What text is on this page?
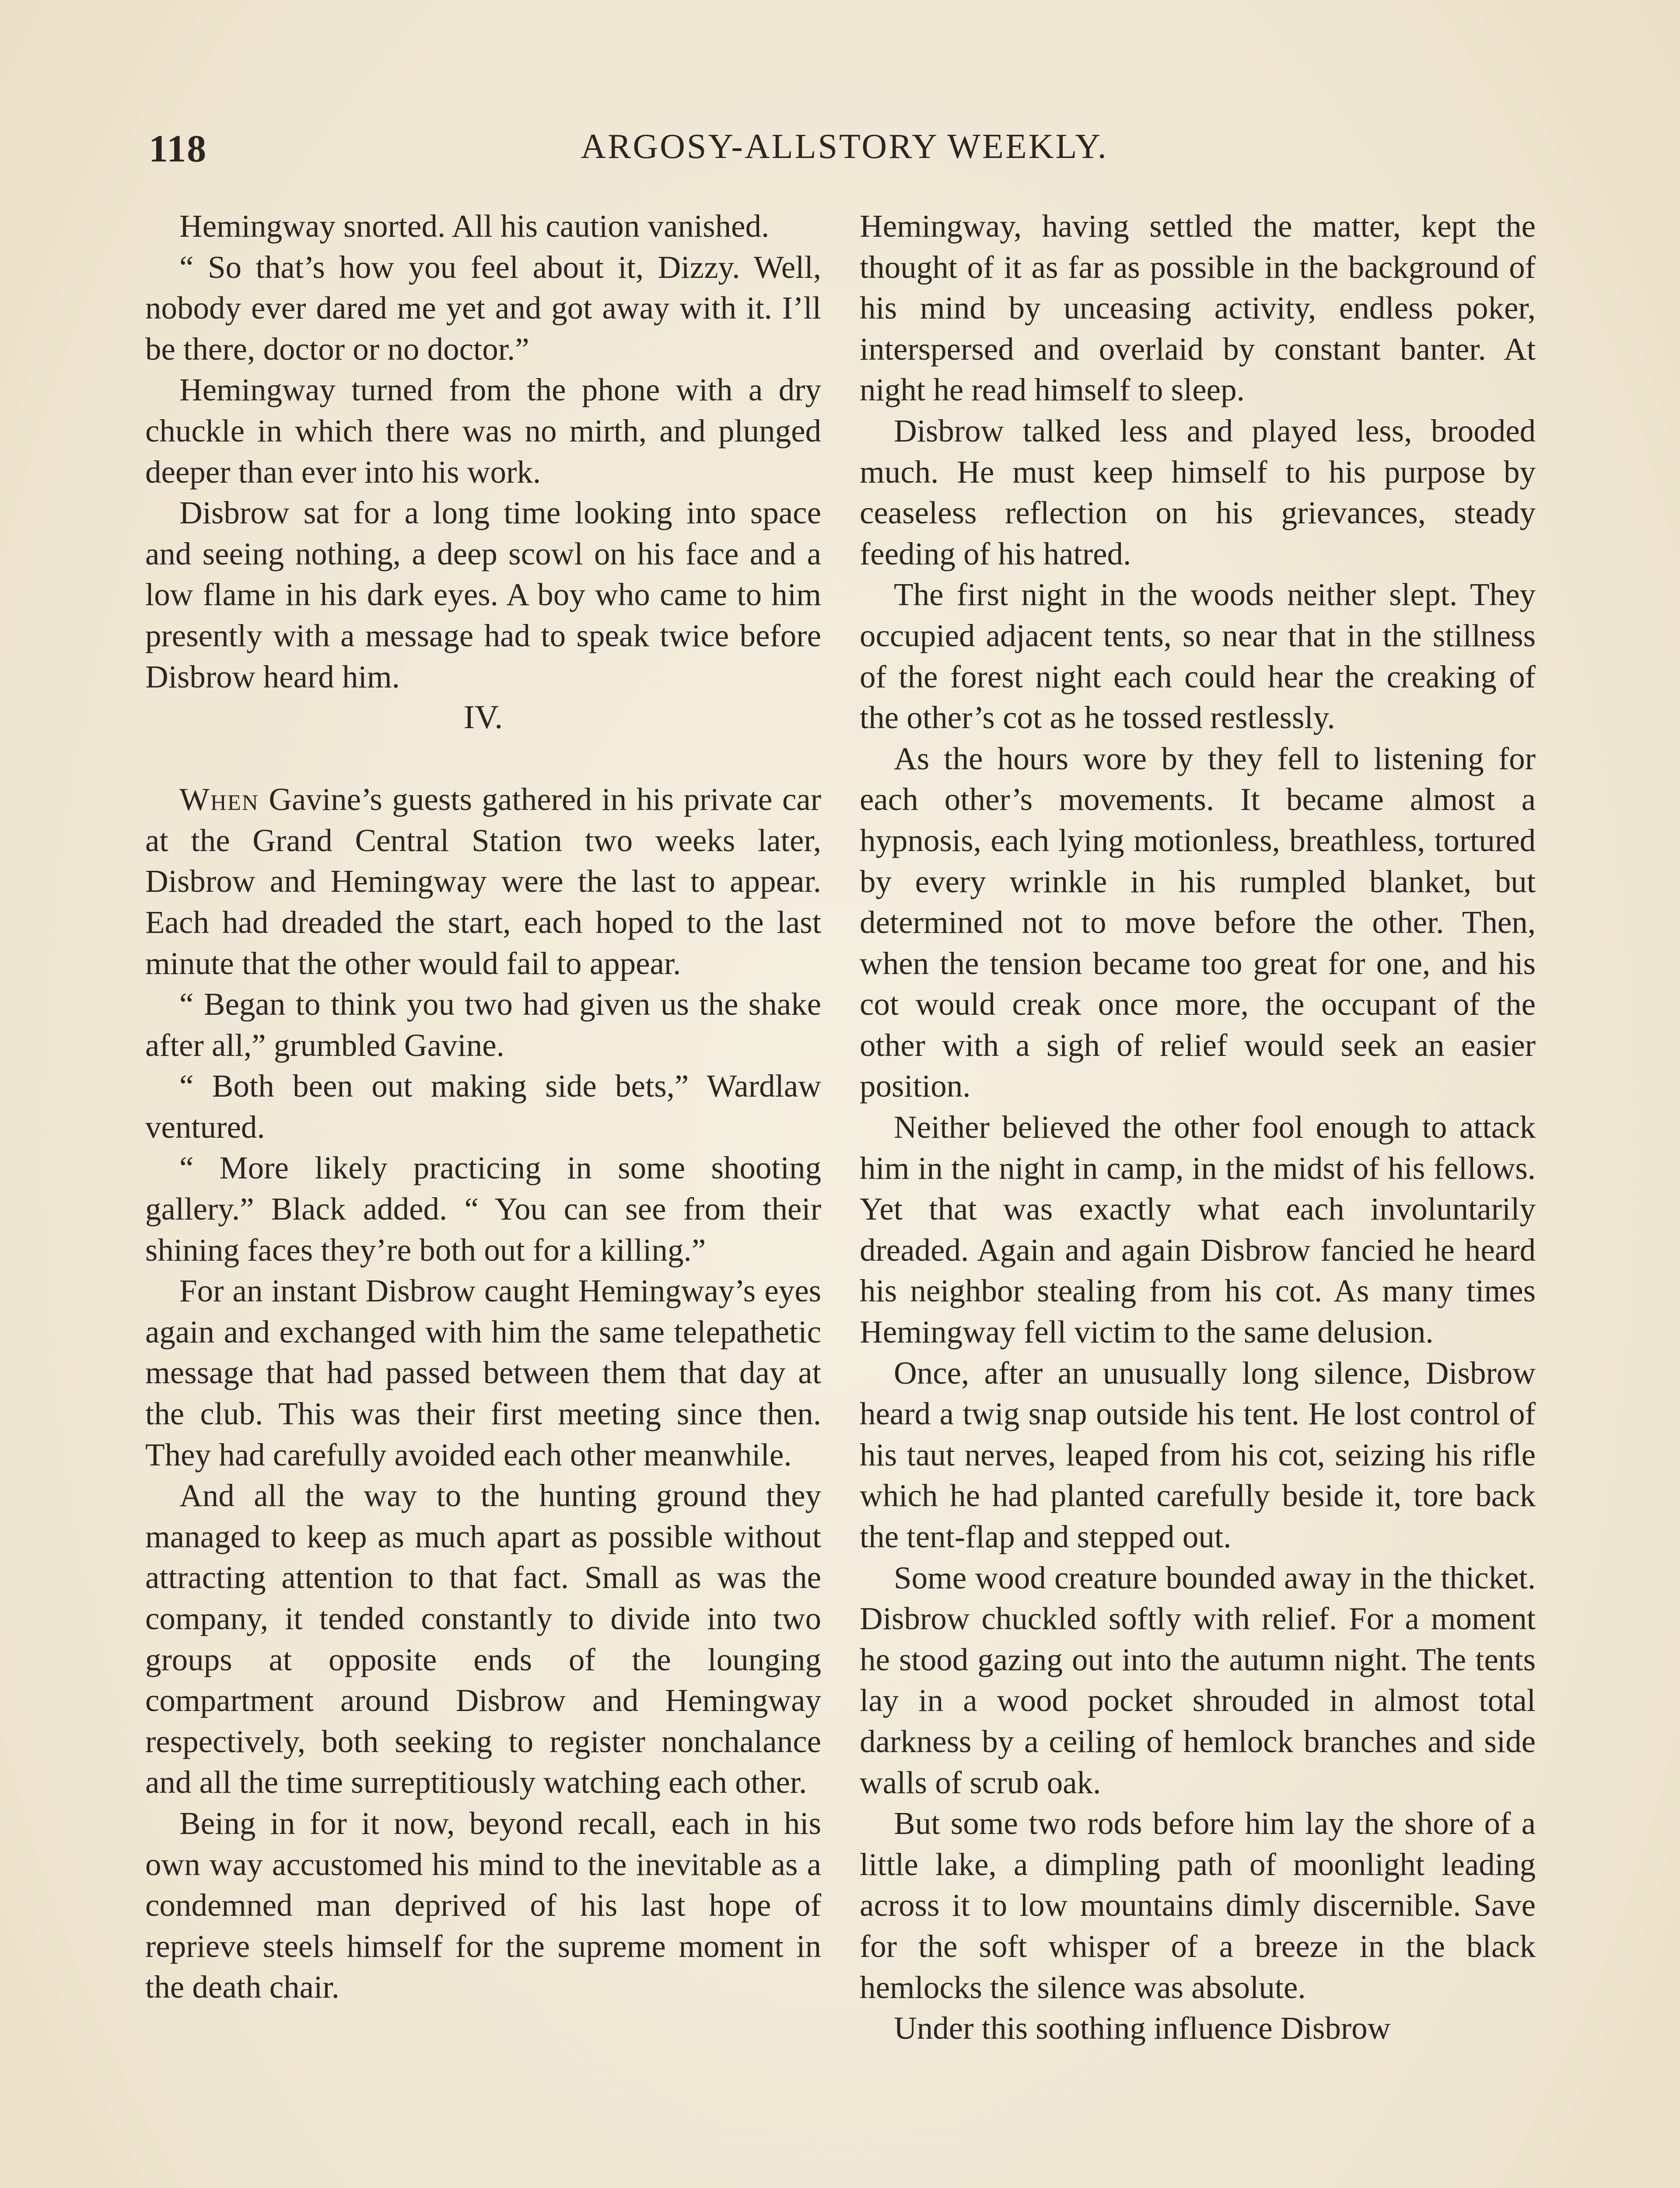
118	ARGOSY-ALLSTORY WEEKLY.

Hemingway snorted. All his caution vanished.

“ So that’s how you feel about it, Dizzy. Well, nobody ever dared me yet and got away with it. I’ll be there, doctor or no doctor.”

Hemingway turned from the phone with a dry chuckle in which there was no mirth, and plunged deeper than ever into his work.

Disbrow sat for a long time looking into space and seeing nothing, a deep scowl on his face and a low flame in his dark eyes. A boy who came to him presently with a message had to speak twice before Disbrow heard him.

IV.

When Gavine’s guests gathered in his private car at the Grand Central Station two weeks later, Disbrow and Hemingway were the last to appear. Each had dreaded the start, each hoped to the last minute that the other would fail to appear.

“ Began to think you two had given us the shake after all,” grumbled Gavine.

“ Both been out making side bets,” Wardlaw ventured.

“ More likely practicing in some shooting gallery.” Black added. “ You can see from their shining faces they’re both out for a killing.”

For an instant Disbrow caught Hemingway’s eyes again and exchanged with him the same telepathetic message that had passed between them that day at the club. This was their first meeting since then. They had carefully avoided each other meanwhile.

And all the way to the hunting ground they managed to keep as much apart as possible without attracting attention to that fact. Small as was the company, it tended constantly to divide into two groups at opposite ends of the lounging compartment around Disbrow and Hemingway respectively, both seeking to register nonchalance and all the time surreptitiously watching each other.

Being in for it now, beyond recall, each in his own way accustomed his mind to the inevitable as a condemned man deprived of his last hope of reprieve steels himself for the supreme moment in the death chair.

Hemingway, having settled the matter, kept the thought of it as far as possible in the background of his mind by unceasing activity, endless poker, interspersed and overlaid by constant banter. At night he read himself to sleep.

Disbrow talked less and played less, brooded much. He must keep himself to his purpose by ceaseless reflection on his grievances, steady feeding of his hatred.

The first night in the woods neither slept. They occupied adjacent tents, so near that in the stillness of the forest night each could hear the creaking of the other’s cot as he tossed restlessly.

As the hours wore by they fell to listening for each other’s movements. It became almost a hypnosis, each lying motionless, breathless, tortured by every wrinkle in his rumpled blanket, but determined not to move before the other. Then, when the tension became too great for one, and his cot would creak once more, the occupant of the other with a sigh of relief would seek an easier position.

Neither believed the other fool enough to attack him in the night in camp, in the midst of his fellows. Yet that was exactly what each involuntarily dreaded. Again and again Disbrow fancied he heard his neighbor stealing from his cot. As many times Hemingway fell victim to the same delusion.

Once, after an unusually long silence, Disbrow heard a twig snap outside his tent. He lost control of his taut nerves, leaped from his cot, seizing his rifle which he had planted carefully beside it, tore back the tent-flap and stepped out.

Some wood creature bounded away in the thicket. Disbrow chuckled softly with relief. For a moment he stood gazing out into the autumn night. The tents lay in a wood pocket shrouded in almost total darkness by a ceiling of hemlock branches and side walls of scrub oak.

But some two rods before him lay the shore of a little lake, a dimpling path of moonlight leading across it to low mountains dimly discernible. Save for the soft whisper of a breeze in the black hemlocks the silence was absolute.

Under this soothing influence Disbrow
